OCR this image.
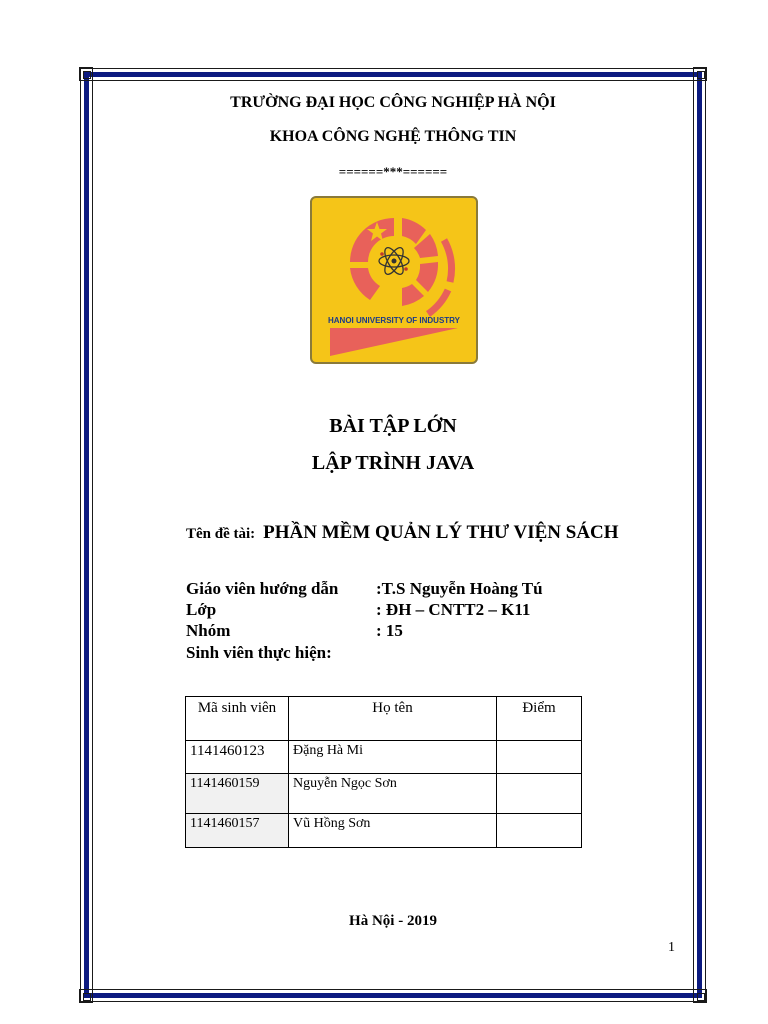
TRƯỜNG ĐẠI HỌC CÔNG NGHIỆP HÀ NỘI
KHOA CÔNG NGHỆ THÔNG TIN
======***======
HANOI UNIVERSITY OF INDUSTRY
BÀI TẬP LỚN
LẬP TRÌNH JAVA
Tên đề tài: PHẦN MỀM QUẢN LÝ THƯ VIỆN SÁCH
Giáo viên hướng dẫn :T.S Nguyễn Hoàng Tú
Lớp	: ĐH – CNTT2 – K11
Nhóm	: 15
Sinh viên thực hiện:
Mã sinh viên	Họ tên	Điểm
1141460123	Đặng Hà Mi	
1141460159	Nguyễn Ngọc Sơn	
1141460157	Vũ Hồng Sơn	
Hà Nội - 2019
1
